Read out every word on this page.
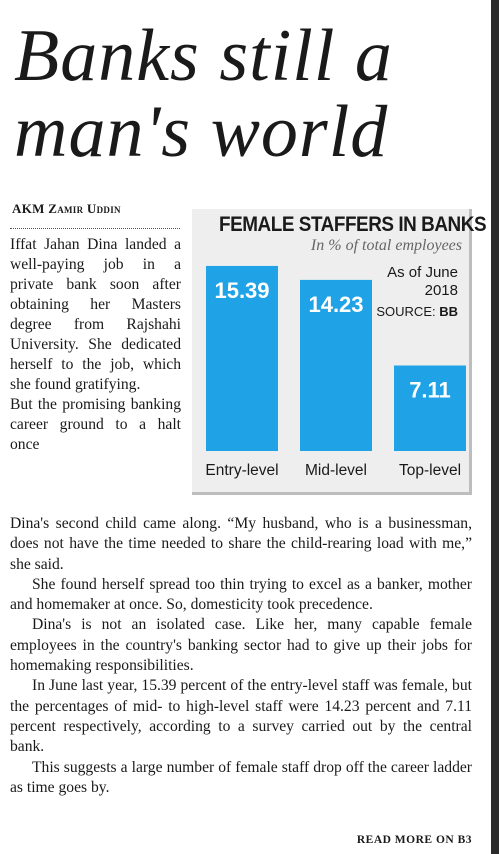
Banks still a
man's world
AKM Zamir Uddin

Iffat Jahan Dina landed a well-paying job in a private bank soon after obtaining her Masters degree from Rajshahi University. She dedicated herself to the job, which she found gratifying.

But the promising banking career ground to a halt once

FEMALE STAFFERS IN BANKS
In % of total employees
15.39
Entry-level
14.23
Mid-level
7.11
Top-level
As of June
2018
SOURCE: BB

Dina's second child came along. “My husband, who is a businessman, does not have the time needed to share the child-rearing load with me,” she said.

She found herself spread too thin trying to excel as a banker, mother and homemaker at once. So, domesticity took precedence.

Dina's is not an isolated case. Like her, many capable female employees in the country's banking sector had to give up their jobs for homemaking responsibilities.

In June last year, 15.39 percent of the entry-level staff was female, but the percentages of mid- to high-level staff were 14.23 percent and 7.11 percent respectively, according to a survey carried out by the central bank.

This suggests a large number of female staff drop off the career ladder as time goes by.

READ MORE ON B3
